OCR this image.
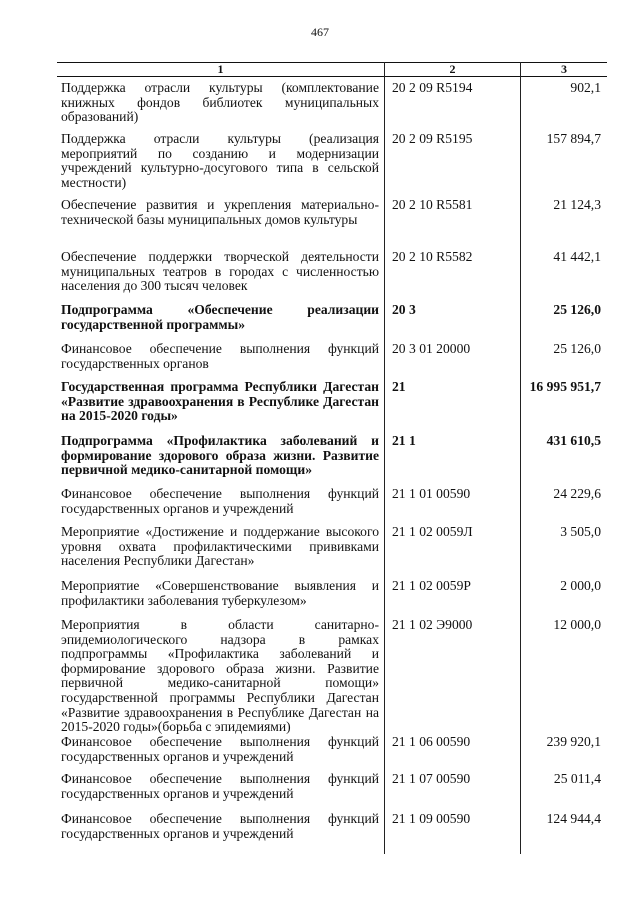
467
1	2	3
Поддержка отрасли культуры (комплектование книжных фондов библиотек муниципальных образований)
20 2 09 R5194	902,1
Поддержка отрасли культуры (реализация мероприятий по созданию и модернизации учреждений культурно-досугового типа в сельской местности)
20 2 09 R5195	157 894,7
Обеспечение развития и укрепления материально-технической базы муниципальных домов культуры
20 2 10 R5581	21 124,3
Обеспечение поддержки творческой деятельности муниципальных театров в городах с численностью населения до 300 тысяч человек
20 2 10 R5582	41 442,1
Подпрограмма «Обеспечение реализации государственной программы»
20 3	25 126,0
Финансовое обеспечение выполнения функций государственных органов
20 3 01 20000	25 126,0
Государственная программа Республики Дагестан «Развитие здравоохранения в Республике Дагестан на 2015-2020 годы»
21	16 995 951,7
Подпрограмма «Профилактика заболеваний и формирование здорового образа жизни. Развитие первичной медико-санитарной помощи»
21 1	431 610,5
Финансовое обеспечение выполнения функций государственных органов и учреждений
21 1 01 00590	24 229,6
Мероприятие «Достижение и поддержание высокого уровня охвата профилактическими прививками населения Республики Дагестан»
21 1 02 0059Л	3 505,0
Мероприятие «Совершенствование выявления и профилактики заболевания туберкулезом»
21 1 02 0059Р	2 000,0
Мероприятия в области санитарно-эпидемиологического надзора в рамках подпрограммы «Профилактика заболеваний и формирование здорового образа жизни. Развитие первичной медико-санитарной помощи» государственной программы Республики Дагестан «Развитие здравоохранения в Республике Дагестан на 2015-2020 годы»(борьба с эпидемиями)
21 1 02 Э9000	12 000,0
Финансовое обеспечение выполнения функций государственных органов и учреждений
21 1 06 00590	239 920,1
Финансовое обеспечение выполнения функций государственных органов и учреждений
21 1 07 00590	25 011,4
Финансовое обеспечение выполнения функций государственных органов и учреждений
21 1 09 00590	124 944,4
